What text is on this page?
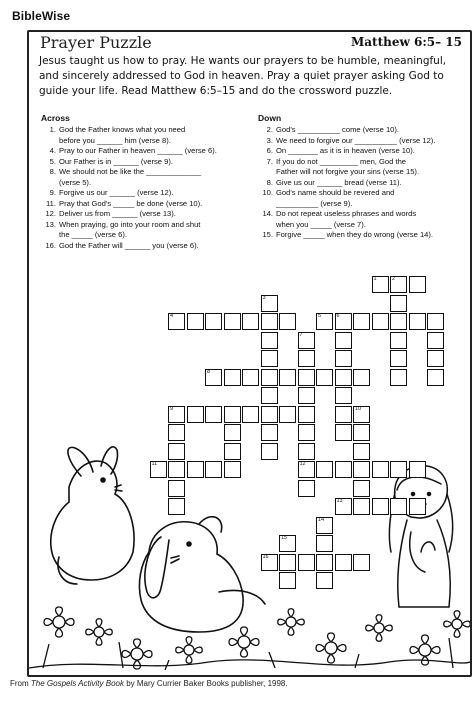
BibleWise
Prayer Puzzle	Matthew 6:5– 15
Jesus taught us how to pray. He wants our prayers to be humble, meaningful, and sincerely addressed to God in heaven. Pray a quiet prayer asking God to guide your life. Read Matthew 6:5–15 and do the crossword puzzle.
Across
1. God the Father knows what you need
before you ______ him (verse 8).
4. Pray to our Father in heaven ______ (verse 6).
5. Our Father is in ______ (verse 9).
8. We should not be like the _____________
(verse 5).
9. Forgive us our ______ (verse 12).
11. Pray that God's _____ be done (verse 10).
12. Deliver us from ______ (verse 13).
13. When praying, go into your room and shut
the _____ (verse 6).
16. God the Father will ______ you (verse 6).
Down
2. God's __________ come (verse 10).
3. We need to forgive our __________ (verse 12).
6. On _______ as it is in heaven (verse 10).
7. If you do not _________ men, God the
Father will not forgive your sins (verse 15).
8. Give us our ______ bread (verse 11).
10. God's name should be revered and
__________ (verse 9).
14. Do not repeat useless phrases and words
when you _____ (verse 7).
15. Forgive _____ when they do wrong (verse 14).
1	2
4	5	6
8
9
11	12
13
16
3
7
10
14
15
From The Gospels Activity Book by Mary Currier Baker Books publisher, 1998.
